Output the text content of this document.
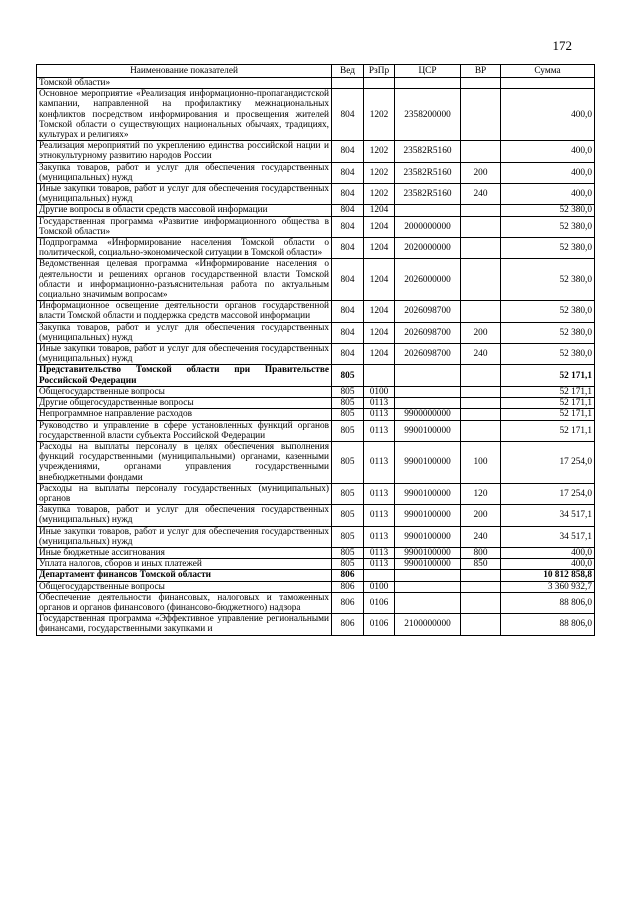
172
Наименование показателей	Вед	РзПр	ЦСР	ВР	Сумма
Томской области»					
Основное мероприятие «Реализация информационно-пропагандистской кампании, направленной на профилактику межнациональных конфликтов посредством информирования и просвещения жителей Томской области о существующих национальных обычаях, традициях, культурах и религиях»	804	1202	2358200000		400,0
Реализация мероприятий по укреплению единства российской нации и этнокультурному развитию народов России	804	1202	23582R5160		400,0
Закупка товаров, работ и услуг для обеспечения государственных (муниципальных) нужд	804	1202	23582R5160	200	400,0
Иные закупки товаров, работ и услуг для обеспечения государственных (муниципальных) нужд	804	1202	23582R5160	240	400,0
Другие вопросы в области средств массовой информации	804	1204			52 380,0
Государственная программа «Развитие информационного общества в Томской области»	804	1204	2000000000		52 380,0
Подпрограмма «Информирование населения Томской области о политической, социально-экономической ситуации в Томской области»	804	1204	2020000000		52 380,0
Ведомственная целевая программа «Информирование населения о деятельности и решениях органов государственной власти Томской области и информационно-разъяснительная работа по актуальным социально значимым вопросам»	804	1204	2026000000		52 380,0
Информационное освещение деятельности органов государственной власти Томской области и поддержка средств массовой информации	804	1204	2026098700		52 380,0
Закупка товаров, работ и услуг для обеспечения государственных (муниципальных) нужд	804	1204	2026098700	200	52 380,0
Иные закупки товаров, работ и услуг для обеспечения государственных (муниципальных) нужд	804	1204	2026098700	240	52 380,0
Представительство Томской области при Правительстве Российской Федерации	805				52 171,1
Общегосударственные вопросы	805	0100			52 171,1
Другие общегосударственные вопросы	805	0113			52 171,1
Непрограммное направление расходов	805	0113	9900000000		52 171,1
Руководство и управление в сфере установленных функций органов государственной власти субъекта Российской Федерации	805	0113	9900100000		52 171,1
Расходы на выплаты персоналу в целях обеспечения выполнения функций государственными (муниципальными) органами, казенными учреждениями, органами управления государственными внебюджетными фондами	805	0113	9900100000	100	17 254,0
Расходы на выплаты персоналу государственных (муниципальных) органов	805	0113	9900100000	120	17 254,0
Закупка товаров, работ и услуг для обеспечения государственных (муниципальных) нужд	805	0113	9900100000	200	34 517,1
Иные закупки товаров, работ и услуг для обеспечения государственных (муниципальных) нужд	805	0113	9900100000	240	34 517,1
Иные бюджетные ассигнования	805	0113	9900100000	800	400,0
Уплата налогов, сборов и иных платежей	805	0113	9900100000	850	400,0
Департамент финансов Томской области	806				10 812 858,8
Общегосударственные вопросы	806	0100			3 360 932,7
Обеспечение деятельности финансовых, налоговых и таможенных органов и органов финансового (финансово-бюджетного) надзора	806	0106			88 806,0
Государственная программа «Эффективное управление региональными финансами, государственными закупками и	806	0106	2100000000		88 806,0
